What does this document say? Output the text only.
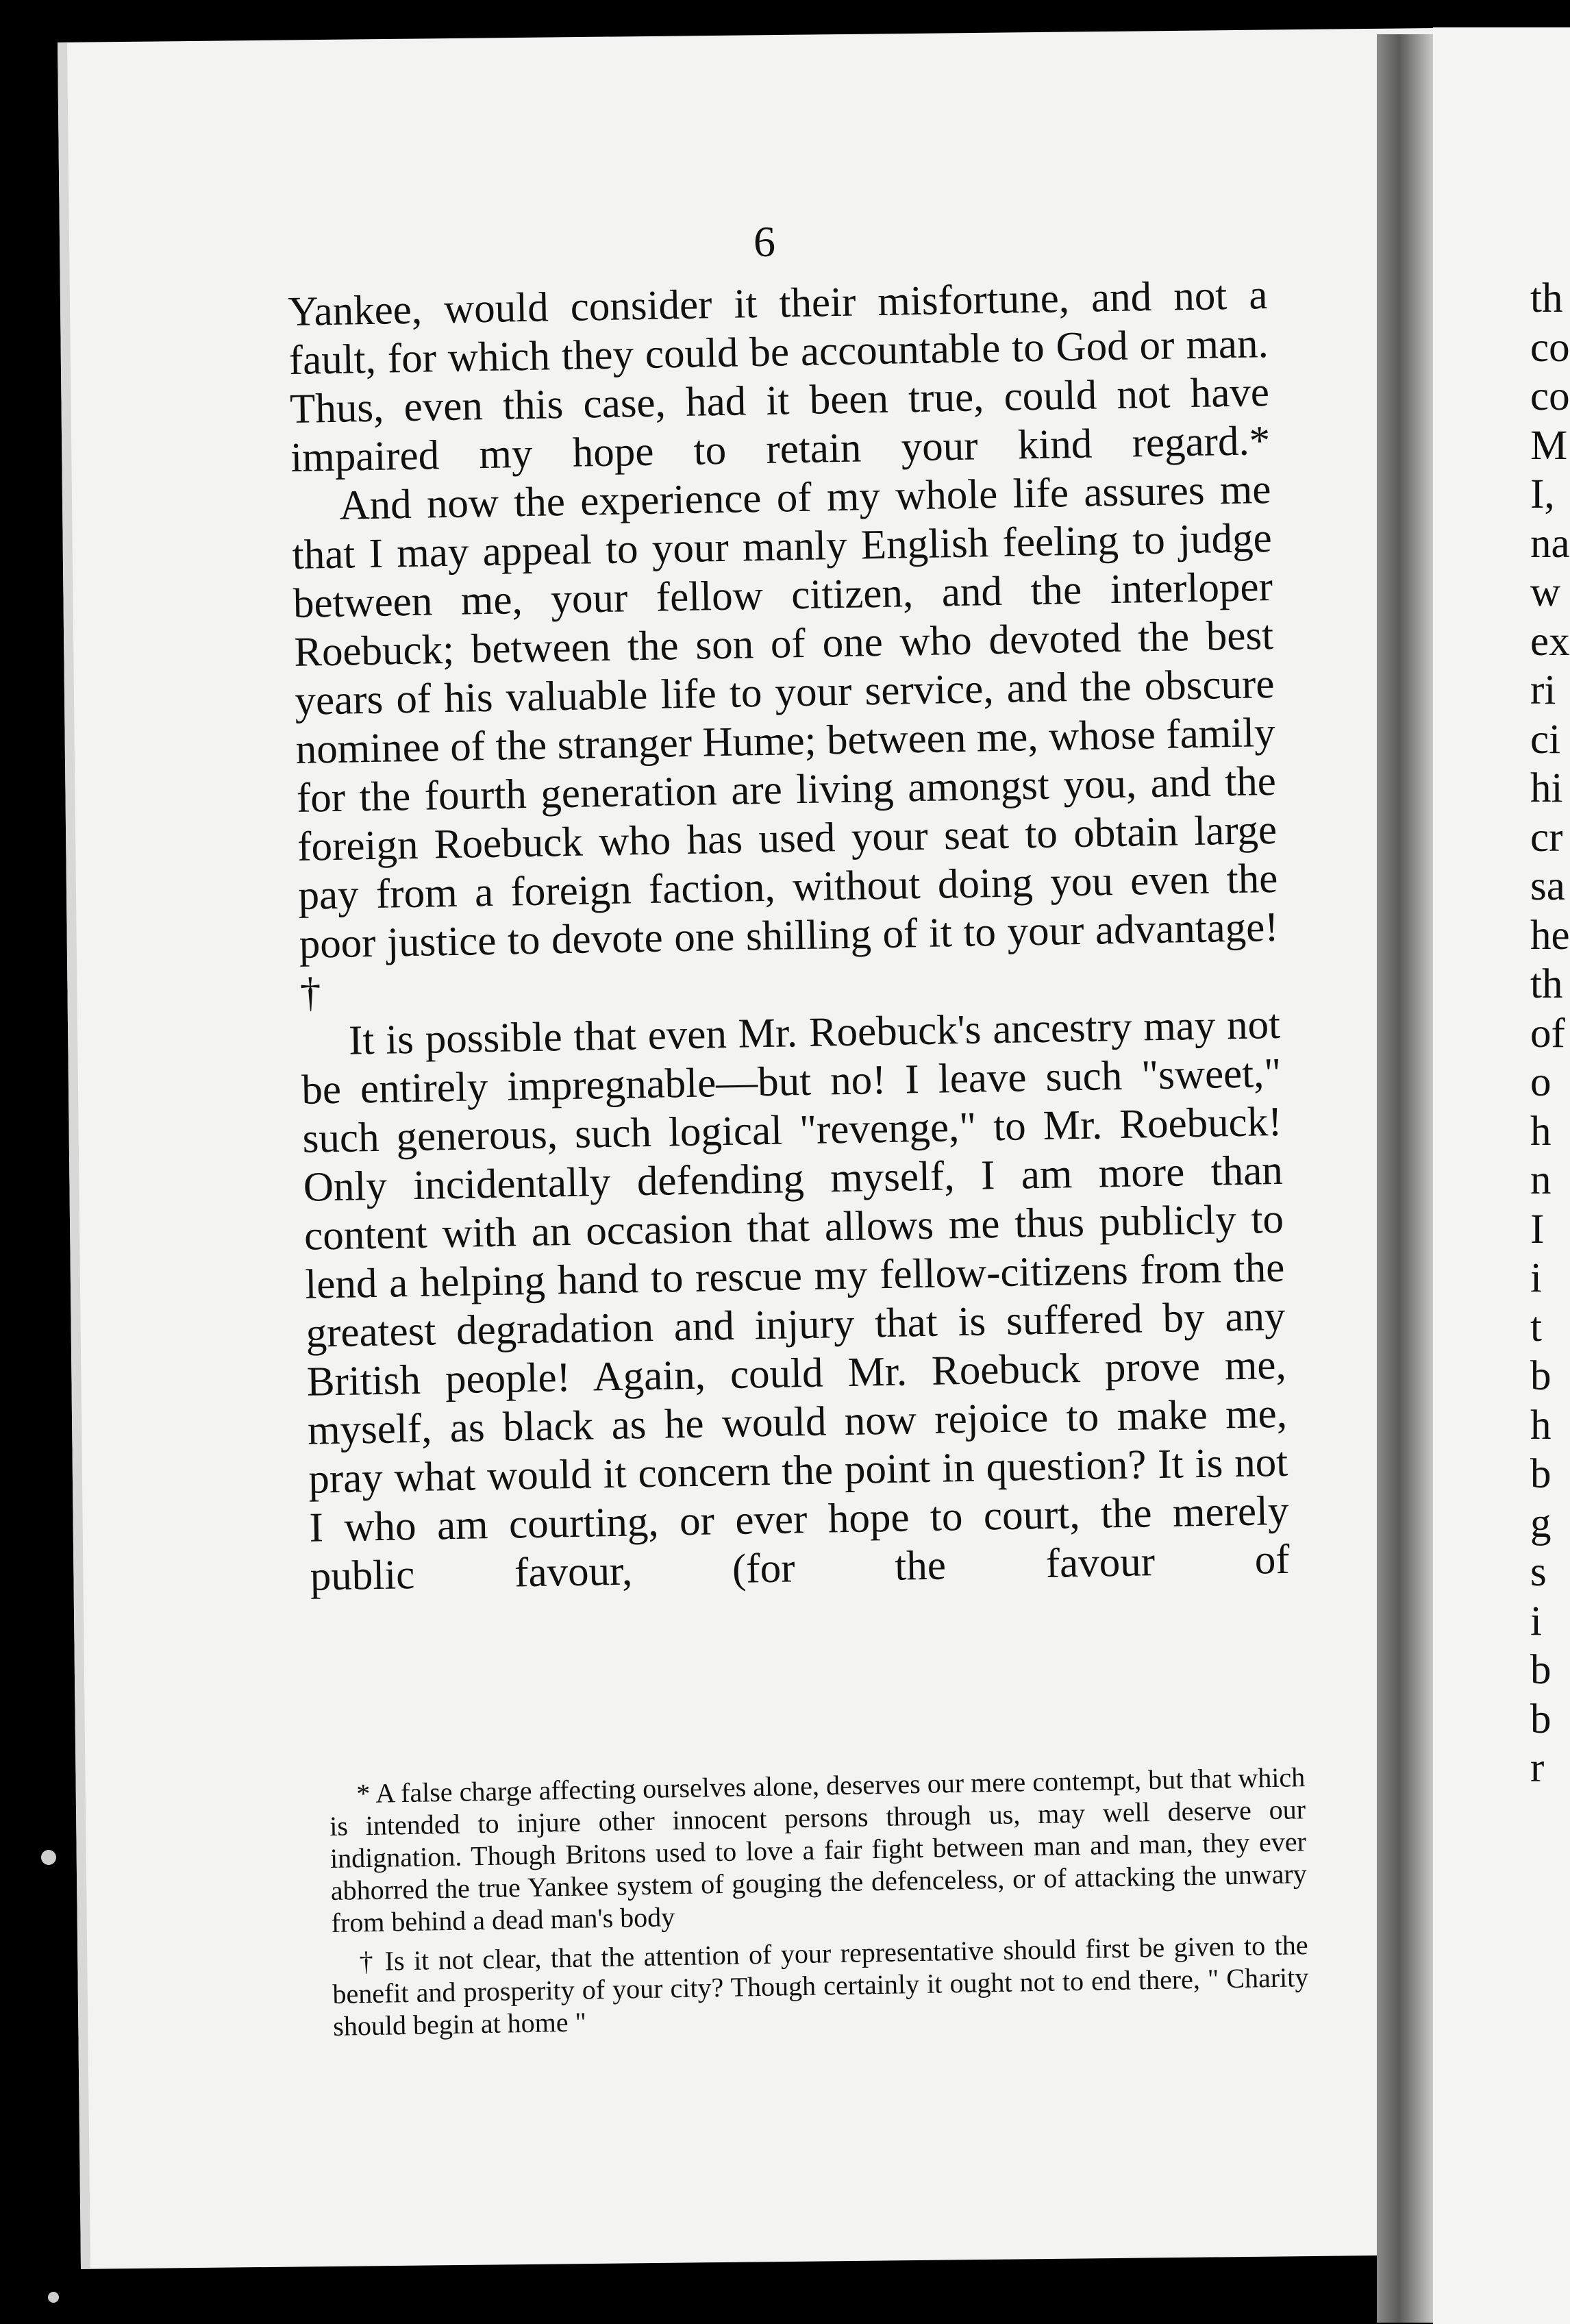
6

Yankee, would consider it their misfortune, and not a fault, for which they could be accountable to God or man. Thus, even this case, had it been true, could not have impaired my hope to retain your kind regard.*

And now the experience of my whole life assures me that I may appeal to your manly English feeling to judge between me, your fellow citizen, and the interloper Roebuck; between the son of one who devoted the best years of his valuable life to your service, and the obscure nominee of the stranger Hume; between me, whose family for the fourth generation are living amongst you, and the foreign Roebuck who has used your seat to obtain large pay from a foreign faction, without doing you even the poor justice to devote one shilling of it to your advantage! †

It is possible that even Mr. Roebuck's ancestry may not be entirely impregnable—but no! I leave such "sweet," such generous, such logical "revenge," to Mr. Roebuck! Only incidentally defending myself, I am more than content with an occasion that allows me thus publicly to lend a helping hand to rescue my fellow-citizens from the greatest degradation and injury that is suffered by any British people! Again, could Mr. Roebuck prove me, myself, as black as he would now rejoice to make me, pray what would it concern the point in question? It is not I who am courting, or ever hope to court, the merely public favour, (for the favour of

* A false charge affecting ourselves alone, deserves our mere contempt, but that which is intended to injure other innocent persons through us, may well deserve our indignation. Though Britons used to love a fair fight between man and man, they ever abhorred the true Yankee system of gouging the defenceless, or of attacking the unwary from behind a dead man's body

† Is it not clear, that the attention of your representative should first be given to the benefit and prosperity of your city? Though certainly it ought not to end there, " Charity should begin at home "

th
co
co
M
I,
na
w
ex
ri
ci
hi
cr
sa
he
th
of
o
h
n
I
i
t
b
h
b
g
s
i
b
b
r
